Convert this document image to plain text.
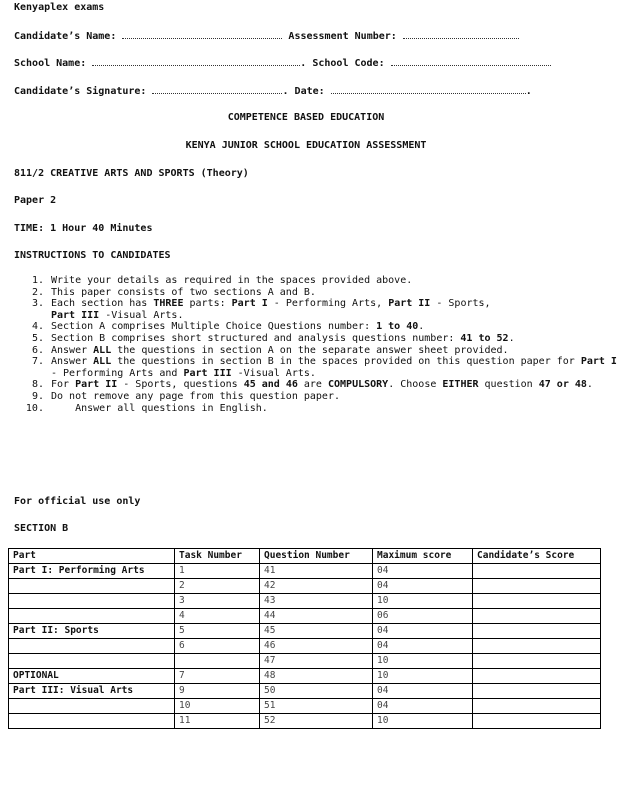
Kenyaplex exams
Candidate’s Name:	Assessment Number:
School Name:	. School Code:
Candidate’s Signature:	. Date:	.
COMPETENCE BASED EDUCATION
KENYA JUNIOR SCHOOL EDUCATION ASSESSMENT
811/2 CREATIVE ARTS AND SPORTS (Theory)
Paper 2
TIME: 1 Hour 40 Minutes
INSTRUCTIONS TO CANDIDATES
1. Write your details as required in the spaces provided above.
2. This paper consists of two sections A and B.
3. Each section has THREE parts: Part I - Performing Arts, Part II - Sports,
Part III -Visual Arts.
4. Section A comprises Multiple Choice Questions number: 1 to 40.
5. Section B comprises short structured and analysis questions number: 41 to 52.
6. Answer ALL the questions in section A on the separate answer sheet provided.
7. Answer ALL the questions in section B in the spaces provided on this question paper for Part I - Performing Arts and Part III -Visual Arts.
8. For Part II - Sports, questions 45 and 46 are COMPULSORY. Choose EITHER question 47 or 48.
9. Do not remove any page from this question paper.
10. Answer all questions in English.
For official use only
SECTION B
Part	Task Number	Question Number	Maximum score	Candidate’s Score
Part I: Performing Arts	1	41	04	
	2	42	04	
	3	43	10	
	4	44	06	
Part II: Sports	5	45	04	
	6	46	04	
		47	10	
OPTIONAL	7	48	10	
Part III: Visual Arts	9	50	04	
	10	51	04	
	11	52	10	
